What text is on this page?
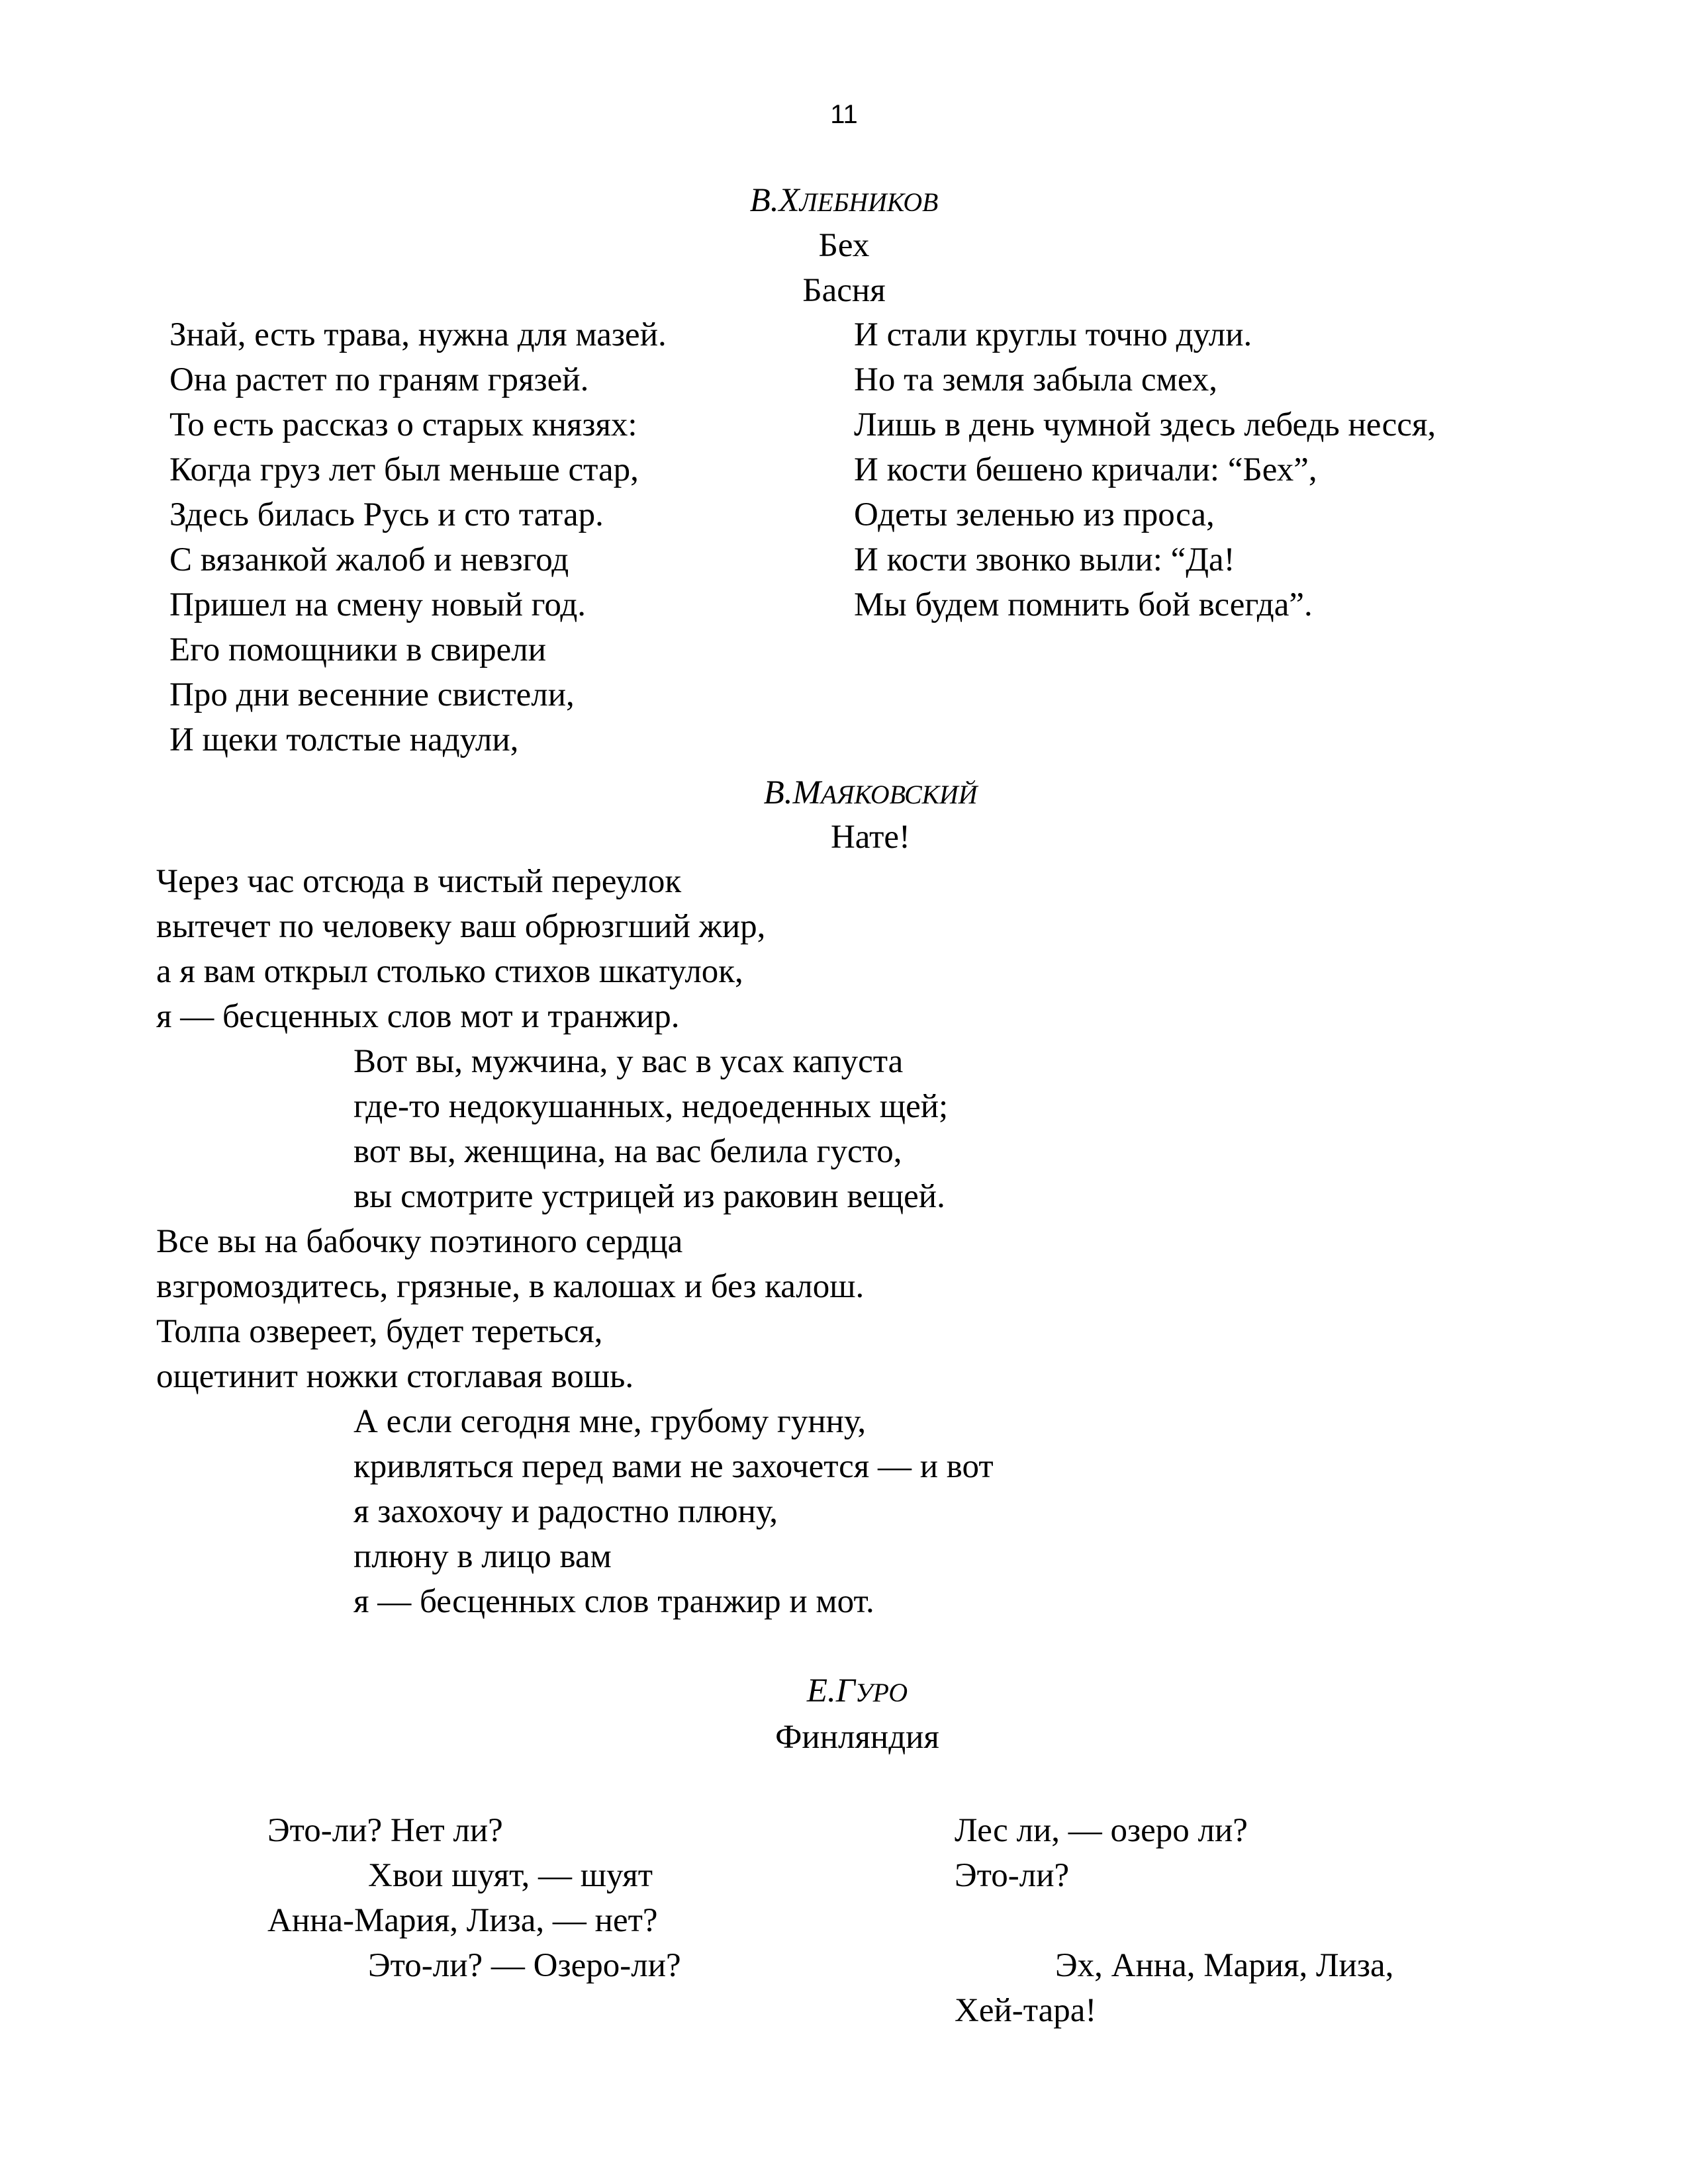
11
В.ХЛЕБНИКОВ
Бех
Басня
Знай, есть трава, нужна для мазей.
Она растет по граням грязей.
То есть рассказ о старых князях:
Когда груз лет был меньше стар,
Здесь билась Русь и сто татар.
С вязанкой жалоб и невзгод
Пришел на смену новый год.
Его помощники в свирели
Про дни весенние свистели,
И щеки толстые надули,
И стали круглы точно дули.
Но та земля забыла смех,
Лишь в день чумной здесь лебедь несся,
И кости бешено кричали: “Бех”,
Одеты зеленью из проса,
И кости звонко выли: “Да!
Мы будем помнить бой всегда”.
В.МАЯКОВСКИЙ
Нате!
Через час отсюда в чистый переулок
вытечет по человеку ваш обрюзгший жир,
а я вам открыл столько стихов шкатулок,
я — бесценных слов мот и транжир.
Вот вы, мужчина, у вас в усах капуста
где-то недокушанных, недоеденных щей;
вот вы, женщина, на вас белила густо,
вы смотрите устрицей из раковин вещей.
Все вы на бабочку поэтиного сердца
взгромоздитесь, грязные, в калошах и без калош.
Толпа озвереет, будет тереться,
ощетинит ножки стоглавая вошь.
А если сегодня мне, грубому гунну,
кривляться перед вами не захочется — и вот
я захохочу и радостно плюну,
плюну в лицо вам
я — бесценных слов транжир и мот.
Е.ГУРО
Финляндия
Это-ли? Нет ли?
Хвои шуят, — шуят
Анна-Мария, Лиза, — нет?
Это-ли? — Озеро-ли?
Лес ли, — озеро ли?
Это-ли?
Эх, Анна, Мария, Лиза,
Хей-тара!
